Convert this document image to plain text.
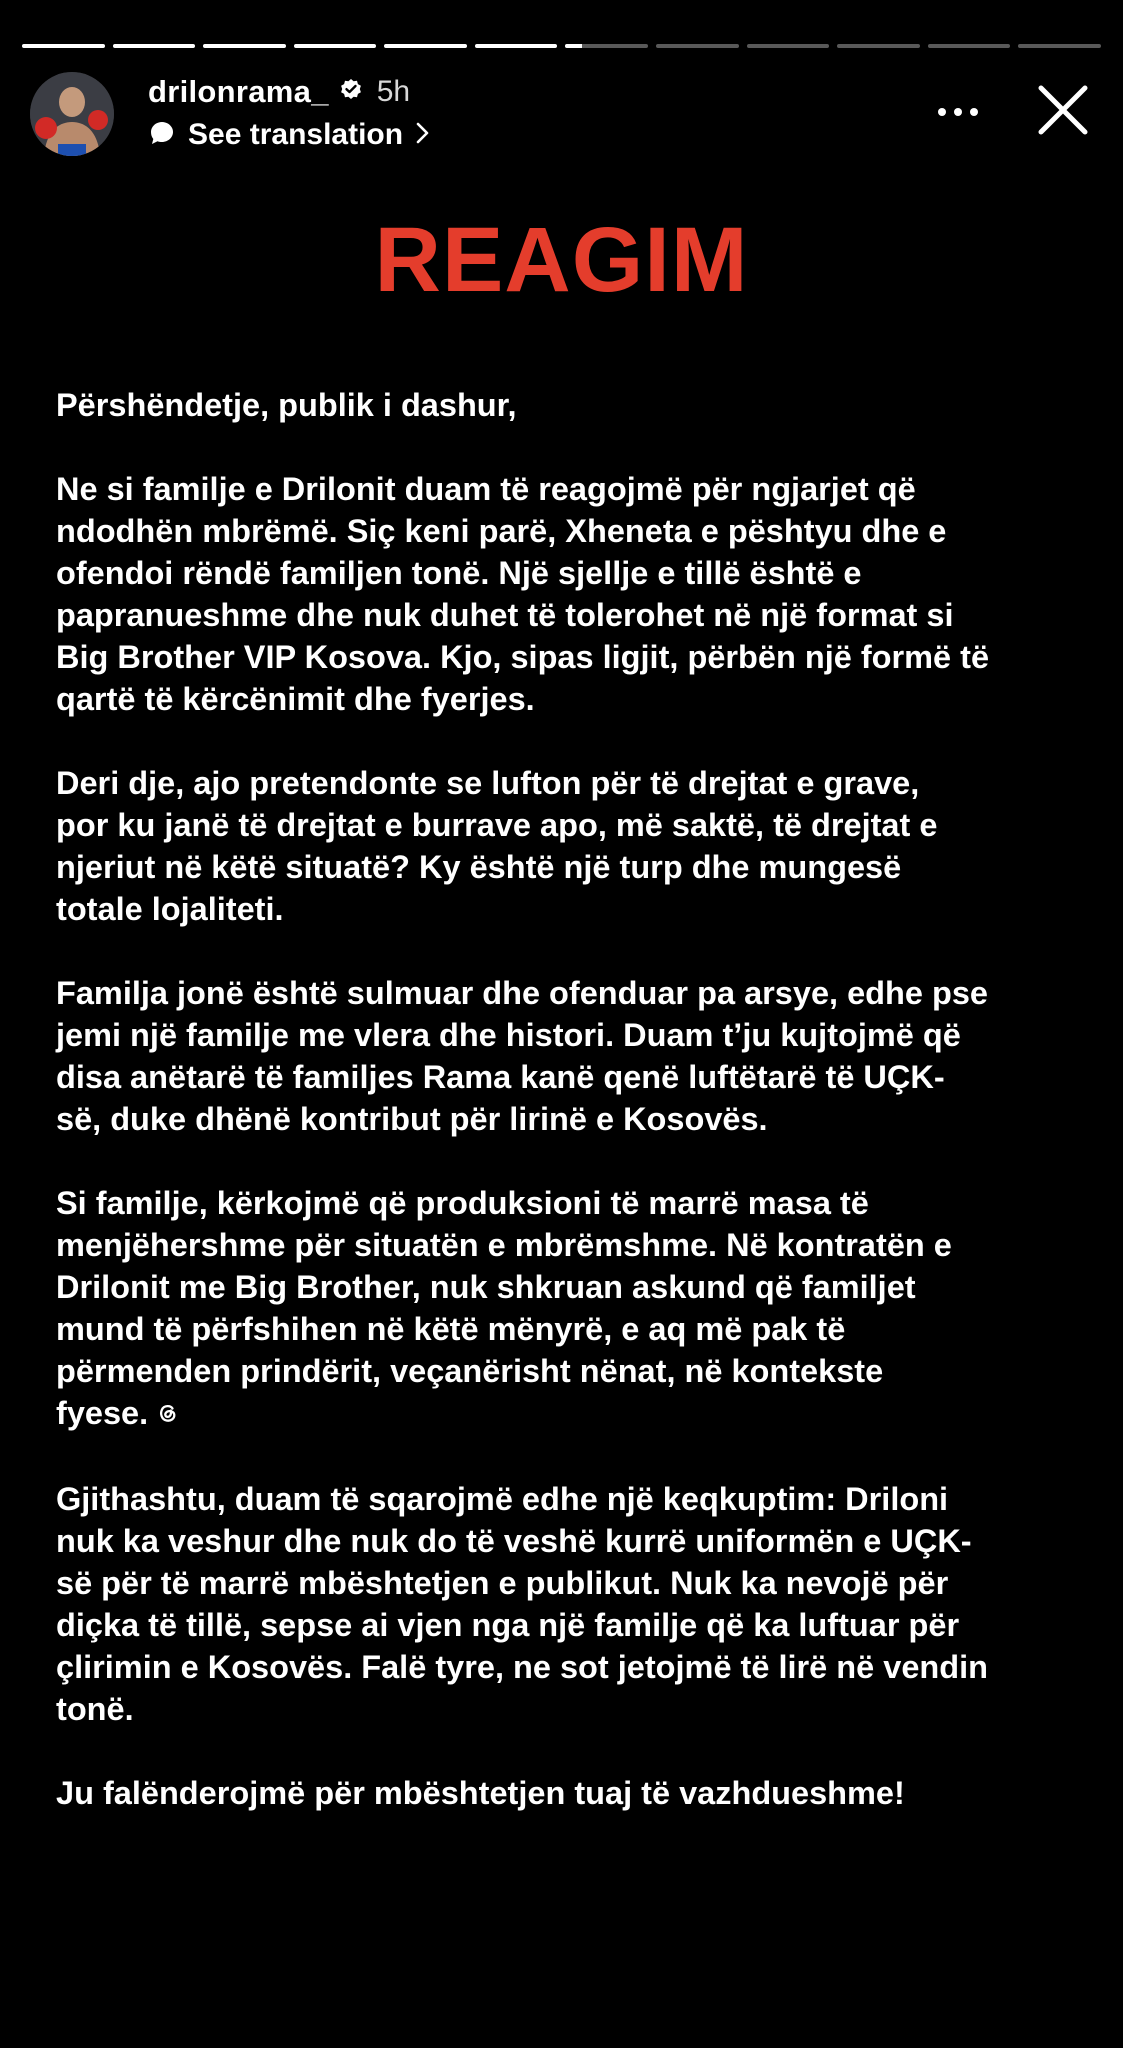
drilonrama_ 5h
See translation
REAGIM

Përshëndetje, publik i dashur,

Ne si familje e Drilonit duam të reagojmë për ngjarjet që
ndodhën mbrëmë. Siç keni parë, Xheneta e pështyu dhe e
ofendoi rëndë familjen tonë. Një sjellje e tillë është e
papranueshme dhe nuk duhet të tolerohet në një format si
Big Brother VIP Kosova. Kjo, sipas ligjit, përbën një formë të
qartë të kërcënimit dhe fyerjes.

Deri dje, ajo pretendonte se lufton për të drejtat e grave,
por ku janë të drejtat e burrave apo, më saktë, të drejtat e
njeriut në këtë situatë? Ky është një turp dhe mungesë
totale lojaliteti.

Familja jonë është sulmuar dhe ofenduar pa arsye, edhe pse
jemi një familje me vlera dhe histori. Duam t’ju kujtojmë që
disa anëtarë të familjes Rama kanë qenë luftëtarë të UÇK-
së, duke dhënë kontribut për lirinë e Kosovës.

Si familje, kërkojmë që produksioni të marrë masa të
menjëhershme për situatën e mbrëmshme. Në kontratën e
Drilonit me Big Brother, nuk shkruan askund që familjet
mund të përfshihen në këtë mënyrë, e aq më pak të
përmenden prindërit, veçanërisht nënat, në kontekste
fyese.

Gjithashtu, duam të sqarojmë edhe një keqkuptim: Driloni
nuk ka veshur dhe nuk do të veshë kurrë uniformën e UÇK-
së për të marrë mbështetjen e publikut. Nuk ka nevojë për
diçka të tillë, sepse ai vjen nga një familje që ka luftuar për
çlirimin e Kosovës. Falë tyre, ne sot jetojmë të lirë në vendin
tonë.

Ju falënderojmë për mbështetjen tuaj të vazhdueshme!
